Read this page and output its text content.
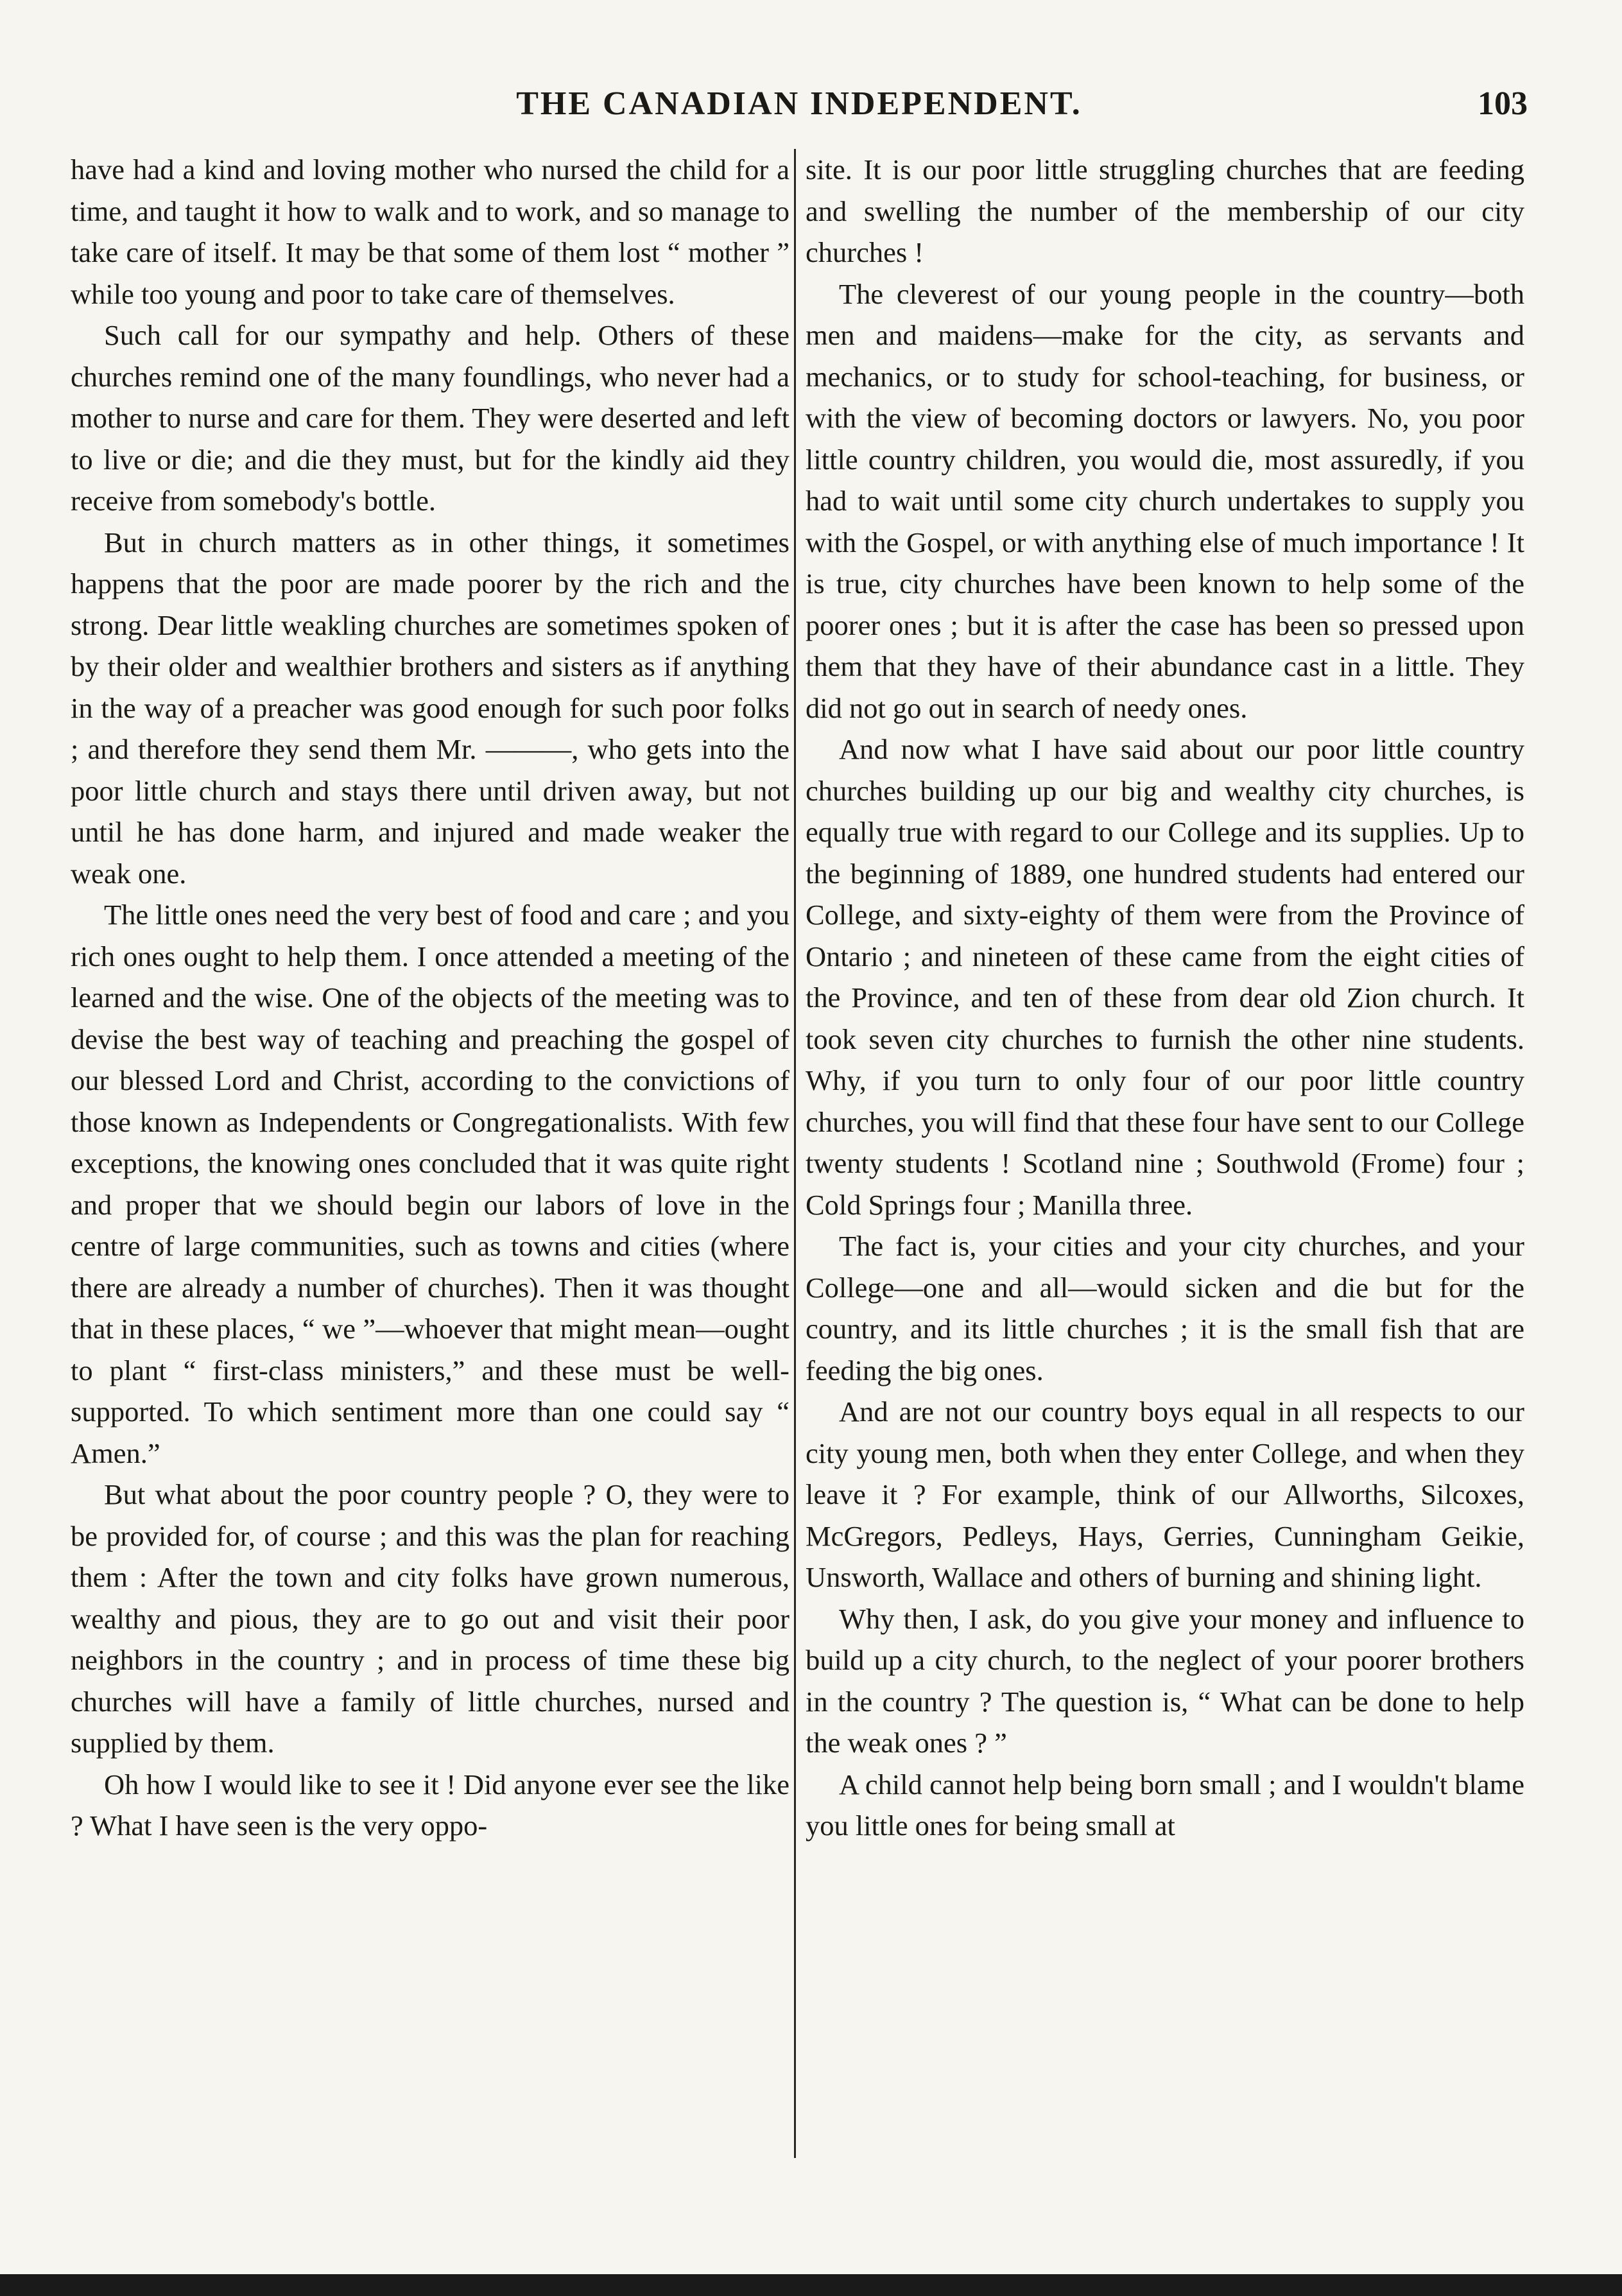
THE CANADIAN INDEPENDENT.	103

have had a kind and loving mother who nursed the child for a time, and taught it how to walk and to work, and so manage to take care of itself. It may be that some of them lost “ mother ” while too young and poor to take care of themselves.

Such call for our sympathy and help. Others of these churches remind one of the many foundlings, who never had a mother to nurse and care for them. They were deserted and left to live or die; and die they must, but for the kindly aid they receive from somebody's bottle.

But in church matters as in other things, it sometimes happens that the poor are made poorer by the rich and the strong. Dear little weakling churches are sometimes spoken of by their older and wealthier brothers and sisters as if anything in the way of a preacher was good enough for such poor folks ; and therefore they send them Mr. ———, who gets into the poor little church and stays there until driven away, but not until he has done harm, and injured and made weaker the weak one.

The little ones need the very best of food and care ; and you rich ones ought to help them. I once attended a meeting of the learned and the wise. One of the objects of the meeting was to devise the best way of teaching and preaching the gospel of our blessed Lord and Christ, according to the convictions of those known as Independents or Congregationalists. With few exceptions, the knowing ones concluded that it was quite right and proper that we should begin our labors of love in the centre of large communities, such as towns and cities (where there are already a number of churches). Then it was thought that in these places, “ we ”—whoever that might mean—ought to plant “ first-class ministers,” and these must be well-supported. To which sentiment more than one could say “ Amen.”

But what about the poor country people ? O, they were to be provided for, of course ; and this was the plan for reaching them : After the town and city folks have grown numerous, wealthy and pious, they are to go out and visit their poor neighbors in the country ; and in process of time these big churches will have a family of little churches, nursed and supplied by them.

Oh how I would like to see it ! Did anyone ever see the like ? What I have seen is the very oppo-

site. It is our poor little struggling churches that are feeding and swelling the number of the membership of our city churches !

The cleverest of our young people in the country—both men and maidens—make for the city, as servants and mechanics, or to study for school-teaching, for business, or with the view of becoming doctors or lawyers. No, you poor little country children, you would die, most assuredly, if you had to wait until some city church undertakes to supply you with the Gospel, or with anything else of much importance ! It is true, city churches have been known to help some of the poorer ones ; but it is after the case has been so pressed upon them that they have of their abundance cast in a little. They did not go out in search of needy ones.

And now what I have said about our poor little country churches building up our big and wealthy city churches, is equally true with regard to our College and its supplies. Up to the beginning of 1889, one hundred students had entered our College, and sixty-eighty of them were from the Province of Ontario ; and nineteen of these came from the eight cities of the Province, and ten of these from dear old Zion church. It took seven city churches to furnish the other nine students. Why, if you turn to only four of our poor little country churches, you will find that these four have sent to our College twenty students ! Scotland nine ; Southwold (Frome) four ; Cold Springs four ; Manilla three.

The fact is, your cities and your city churches, and your College—one and all—would sicken and die but for the country, and its little churches ; it is the small fish that are feeding the big ones.

And are not our country boys equal in all respects to our city young men, both when they enter College, and when they leave it ? For example, think of our Allworths, Silcoxes, McGregors, Pedleys, Hays, Gerries, Cunningham Geikie, Unsworth, Wallace and others of burning and shining light.

Why then, I ask, do you give your money and influence to build up a city church, to the neglect of your poorer brothers in the country ? The question is, “ What can be done to help the weak ones ? ”

A child cannot help being born small ; and I wouldn't blame you little ones for being small at
